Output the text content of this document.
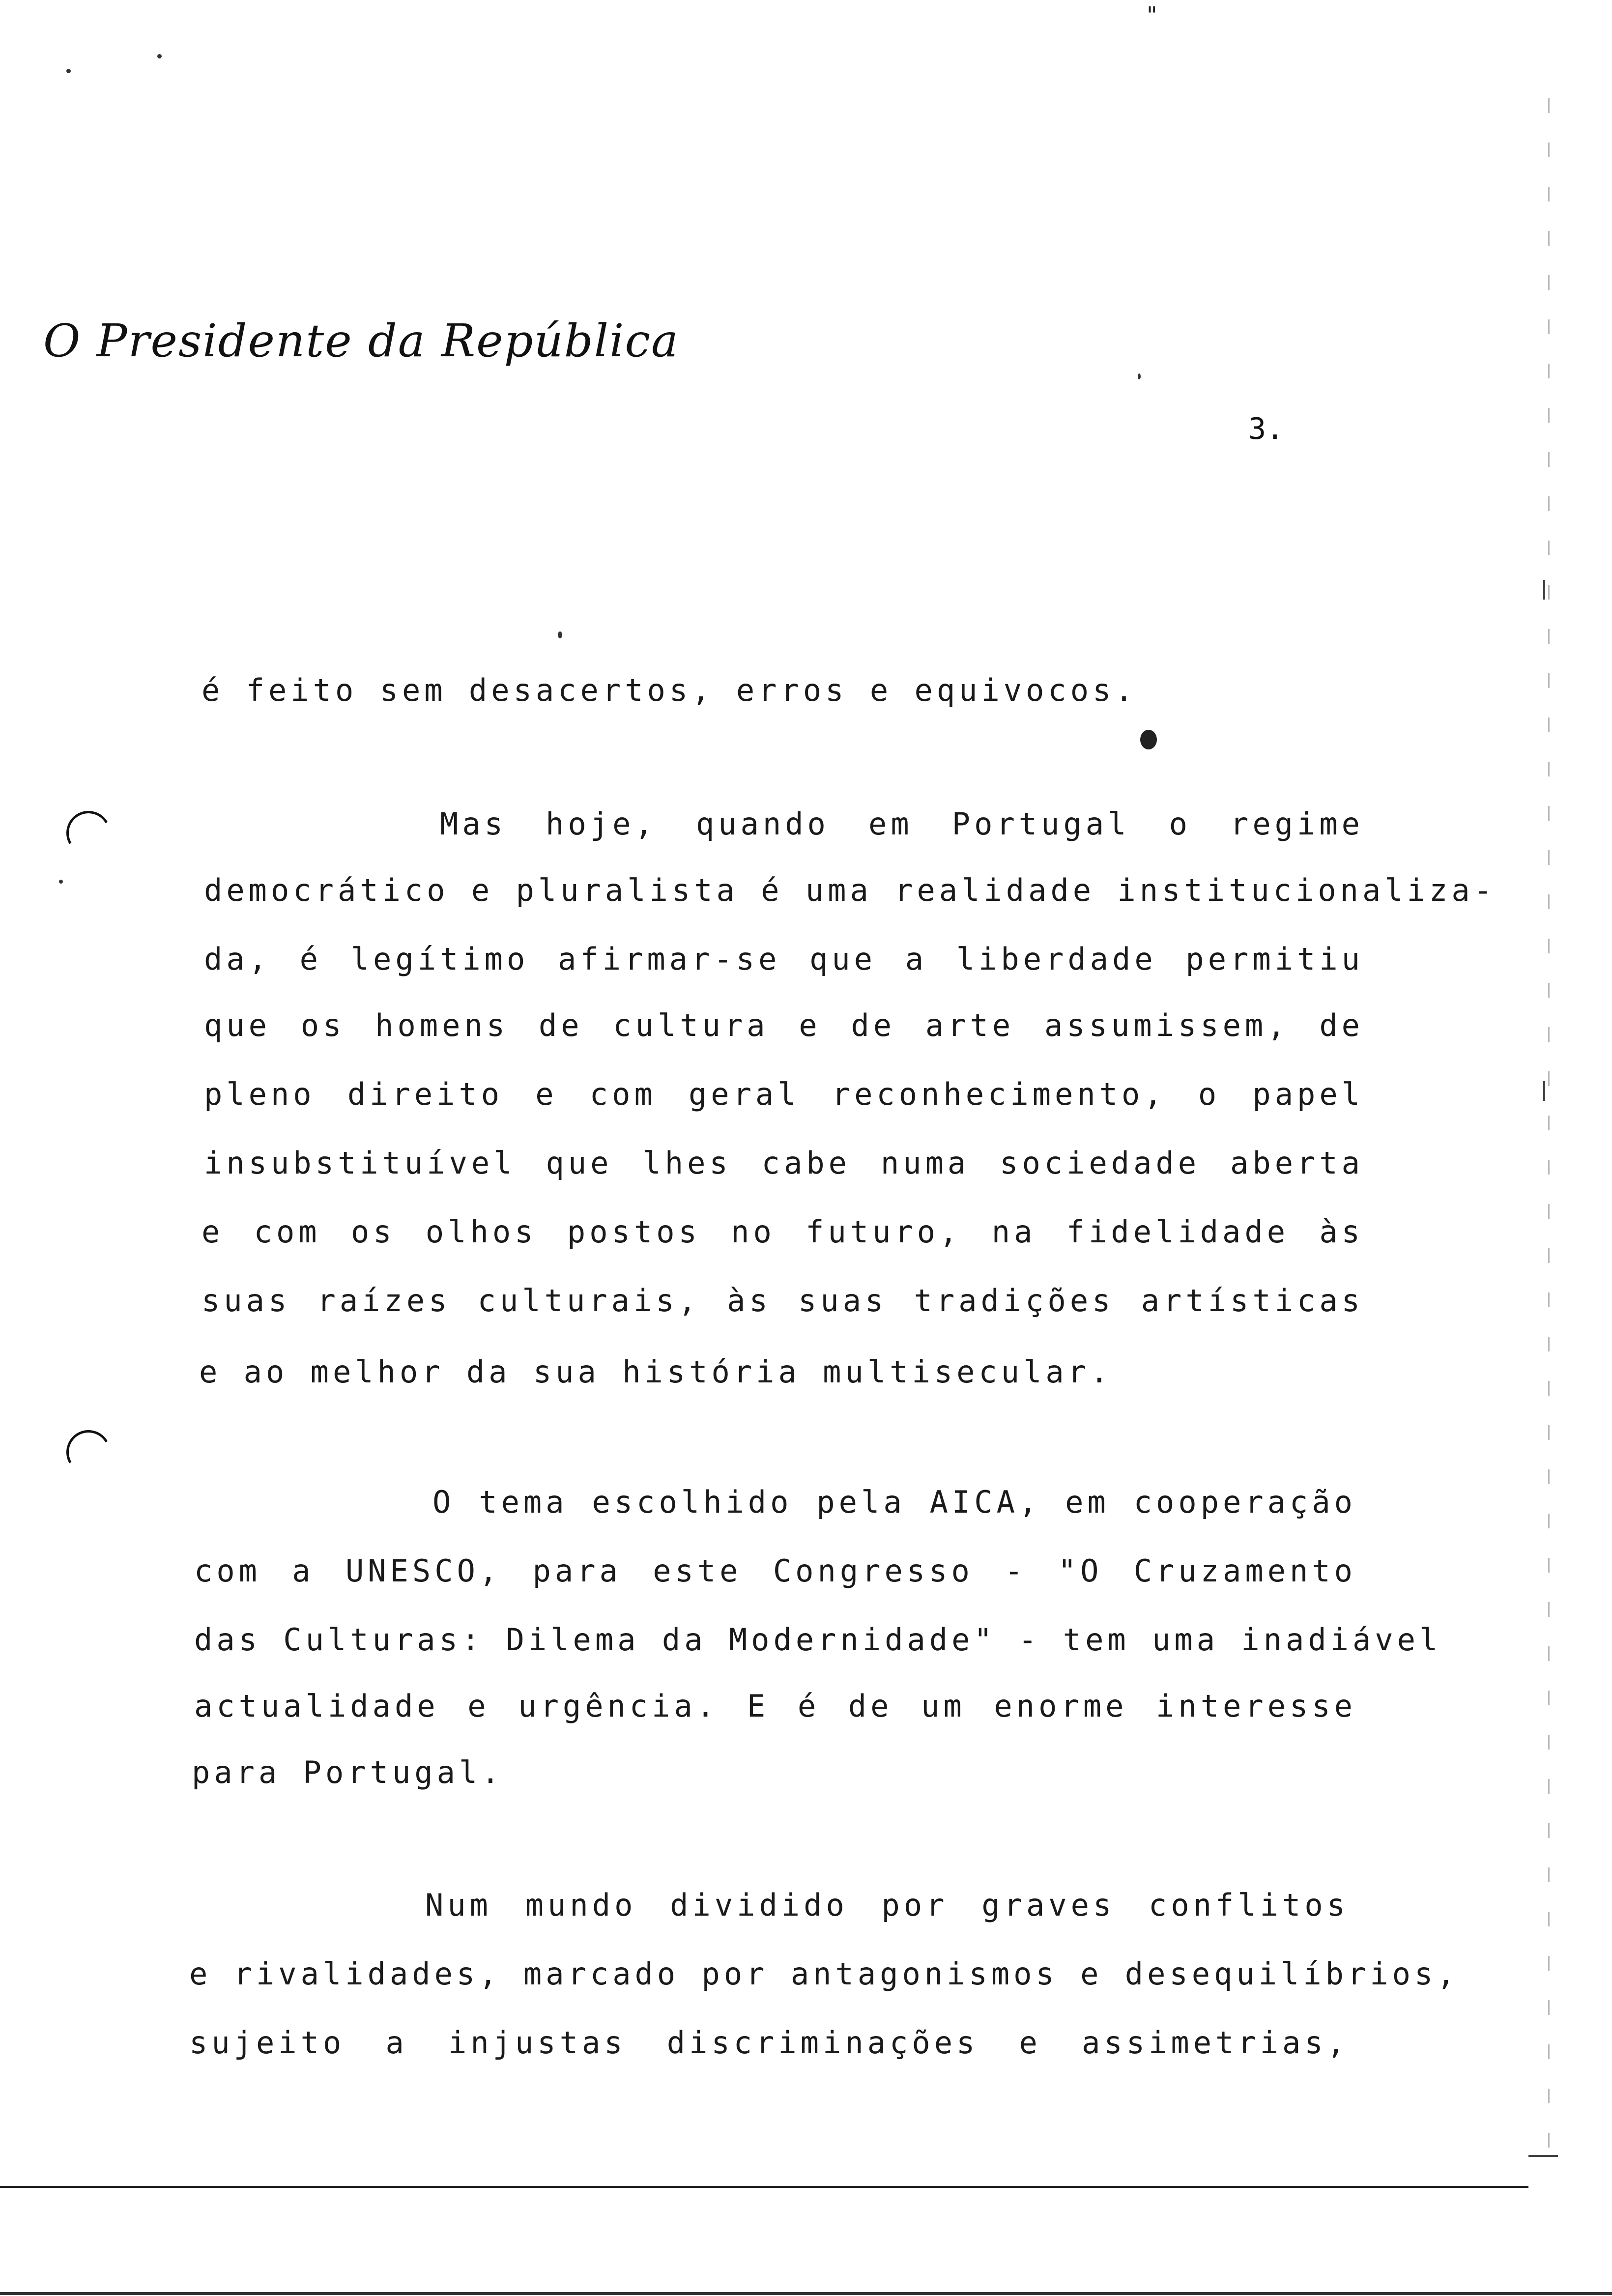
"
O Presidente da República
3.
é feito sem desacertos, erros e equivocos.
Mas hoje, quando em Portugal o regime
democrático e pluralista é uma realidade institucionaliza-
da, é legítimo afirmar-se que a liberdade permitiu
que os homens de cultura e de arte assumissem, de
pleno direito e com geral reconhecimento, o papel
insubstituível que lhes cabe numa sociedade aberta
e com os olhos postos no futuro, na fidelidade às
suas raízes culturais, às suas tradições artísticas
e ao melhor da sua história multisecular.
O tema escolhido pela AICA, em cooperação
com a UNESCO, para este Congresso - "O Cruzamento
das Culturas: Dilema da Modernidade" - tem uma inadiável
actualidade e urgência. E é de um enorme interesse
para Portugal.
Num mundo dividido por graves conflitos
e rivalidades, marcado por antagonismos e desequilíbrios,
sujeito a injustas discriminações e assimetrias,
